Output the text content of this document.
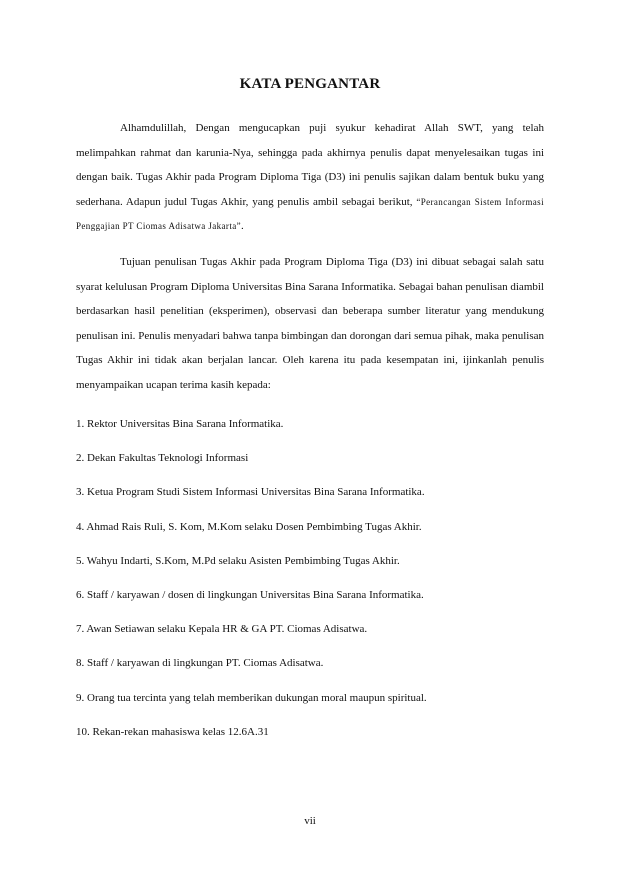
KATA PENGANTAR
Alhamdulillah, Dengan mengucapkan puji syukur kehadirat Allah SWT, yang telah melimpahkan rahmat dan karunia-Nya, sehingga pada akhirnya penulis dapat menyelesaikan tugas ini dengan baik. Tugas Akhir pada Program Diploma Tiga (D3) ini penulis sajikan dalam bentuk buku yang sederhana. Adapun judul Tugas Akhir, yang penulis ambil sebagai berikut, “Perancangan Sistem Informasi Penggajian PT Ciomas Adisatwa Jakarta”.
Tujuan penulisan Tugas Akhir pada Program Diploma Tiga (D3) ini dibuat sebagai salah satu syarat kelulusan Program Diploma Universitas Bina Sarana Informatika. Sebagai bahan penulisan diambil berdasarkan hasil penelitian (eksperimen), observasi dan beberapa sumber literatur yang mendukung penulisan ini. Penulis menyadari bahwa tanpa bimbingan dan dorongan dari semua pihak, maka penulisan Tugas Akhir ini tidak akan berjalan lancar. Oleh karena itu pada kesempatan ini, ijinkanlah penulis menyampaikan ucapan terima kasih kepada:
1. Rektor Universitas Bina Sarana Informatika.
2. Dekan Fakultas Teknologi Informasi
3. Ketua Program Studi Sistem Informasi Universitas Bina Sarana Informatika.
4. Ahmad Rais Ruli, S. Kom, M.Kom selaku Dosen Pembimbing Tugas Akhir.
5. Wahyu Indarti, S.Kom, M.Pd selaku Asisten Pembimbing Tugas Akhir.
6. Staff / karyawan / dosen di lingkungan Universitas Bina Sarana Informatika.
7. Awan Setiawan selaku Kepala HR & GA PT. Ciomas Adisatwa.
8. Staff / karyawan di lingkungan PT. Ciomas Adisatwa.
9. Orang tua tercinta yang telah memberikan dukungan moral maupun spiritual.
10. Rekan-rekan mahasiswa kelas 12.6A.31
vii
